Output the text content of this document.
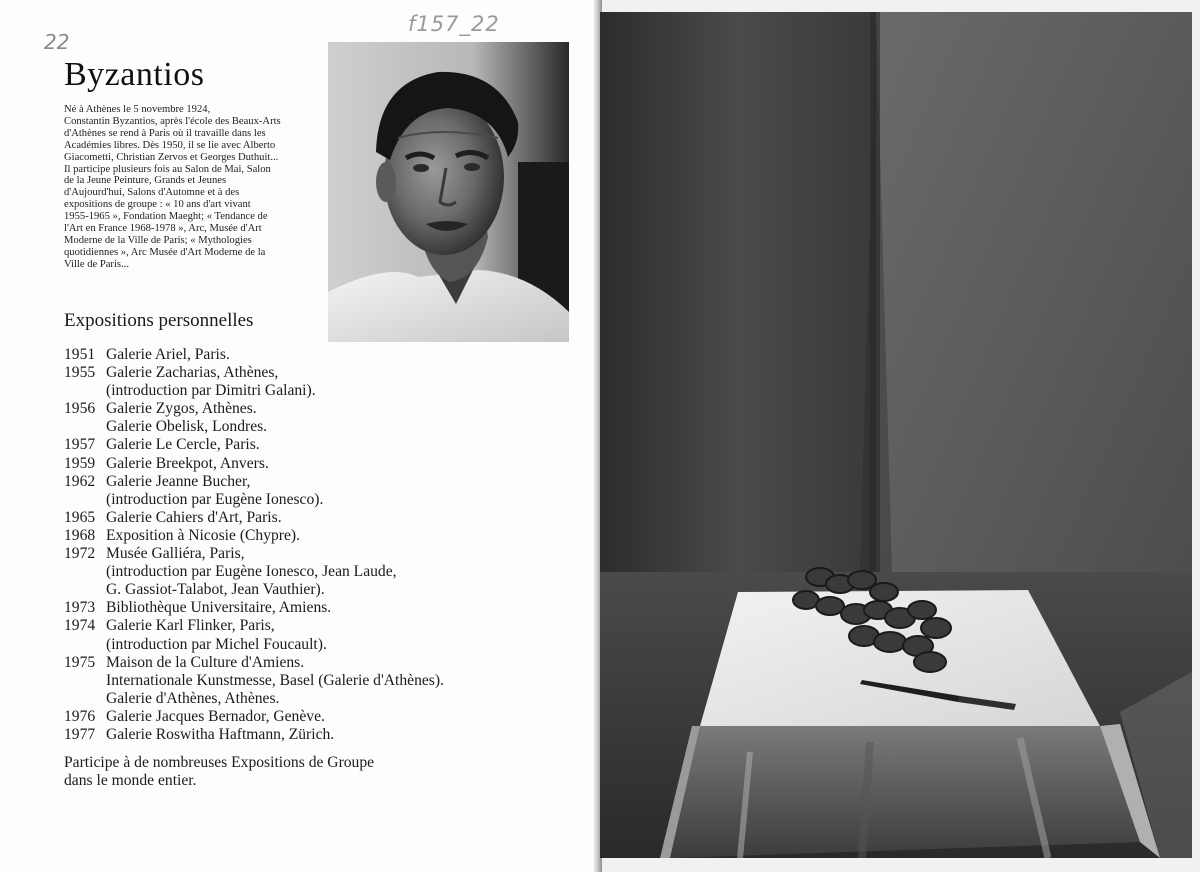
22
f157_22
Byzantios
Né à Athènes le 5 novembre 1924,
Constantin Byzantios, après l'école des Beaux-Arts
d'Athènes se rend à Paris où il travaille dans les
Académies libres. Dès 1950, il se lie avec Alberto
Giacometti, Christian Zervos et Georges Duthuit...
Il participe plusieurs fois au Salon de Mai, Salon
de la Jeune Peinture, Grands et Jeunes
d'Aujourd'hui, Salons d'Automne et à des
expositions de groupe : « 10 ans d'art vivant
1955-1965 », Fondation Maeght; « Tendance de
l'Art en France 1968-1978 », Arc, Musée d'Art
Moderne de la Ville de Paris; « Mythologies
quotidiennes », Arc Musée d'Art Moderne de la
Ville de Paris...
Expositions personnelles
1951 Galerie Ariel, Paris.
1955 Galerie Zacharias, Athènes,
(introduction par Dimitri Galani).
1956 Galerie Zygos, Athènes.
Galerie Obelisk, Londres.
1957 Galerie Le Cercle, Paris.
1959 Galerie Breekpot, Anvers.
1962 Galerie Jeanne Bucher,
(introduction par Eugène Ionesco).
1965 Galerie Cahiers d'Art, Paris.
1968 Exposition à Nicosie (Chypre).
1972 Musée Galliéra, Paris,
(introduction par Eugène Ionesco, Jean Laude,
G. Gassiot-Talabot, Jean Vauthier).
1973 Bibliothèque Universitaire, Amiens.
1974 Galerie Karl Flinker, Paris,
(introduction par Michel Foucault).
1975 Maison de la Culture d'Amiens.
Internationale Kunstmesse, Basel (Galerie d'Athènes).
Galerie d'Athènes, Athènes.
1976 Galerie Jacques Bernador, Genève.
1977 Galerie Roswitha Haftmann, Zürich.
Participe à de nombreuses Expositions de Groupe
dans le monde entier.
